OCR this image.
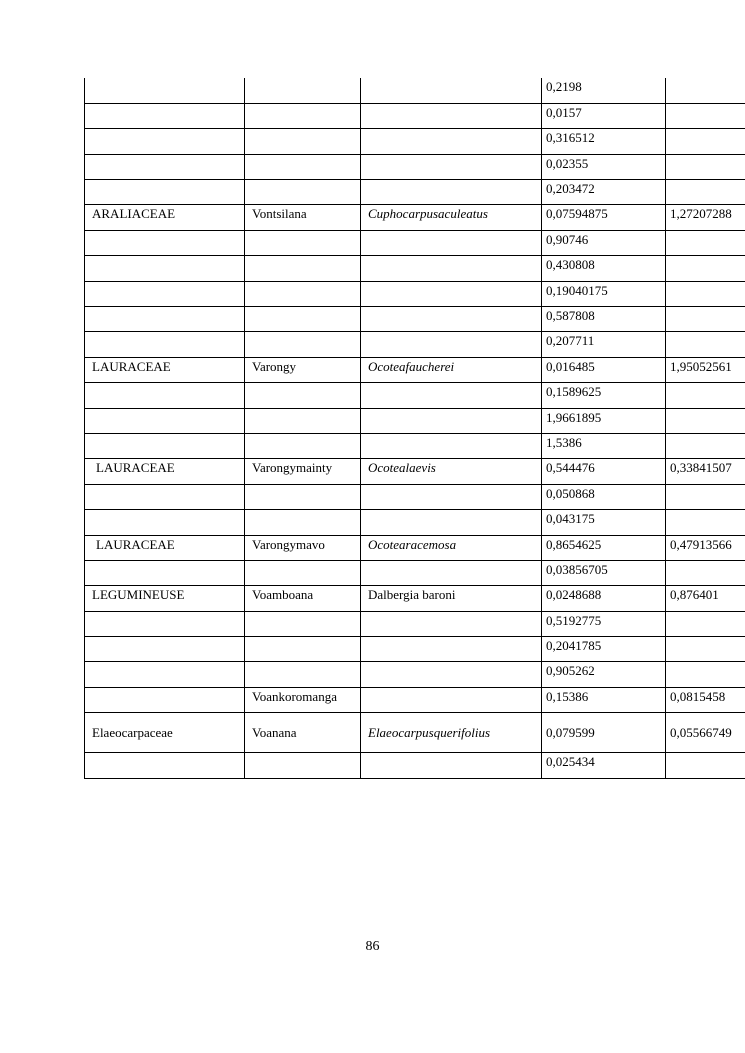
			0,2198	
			0,0157	
			0,316512	
			0,02355	
			0,203472	
ARALIACEAE	Vontsilana	Cuphocarpusaculeatus	0,07594875	1,27207288
			0,90746	
			0,430808	
			0,19040175	
			0,587808	
			0,207711	
LAURACEAE	Varongy	Ocoteafaucherei	0,016485	1,95052561
			0,1589625	
			1,9661895	
			1,5386	
LAURACEAE	Varongymainty	Ocotealaevis	0,544476	0,33841507
			0,050868	
			0,043175	
LAURACEAE	Varongymavo	Ocotearacemosa	0,8654625	0,47913566
			0,03856705	
LEGUMINEUSE	Voamboana	Dalbergia baroni	0,0248688	0,876401
			0,5192775	
			0,2041785	
			0,905262	
	Voankoromanga		0,15386	0,0815458
Elaeocarpaceae	Voanana	Elaeocarpusquerifolius	0,079599	0,05566749
			0,025434	
86
